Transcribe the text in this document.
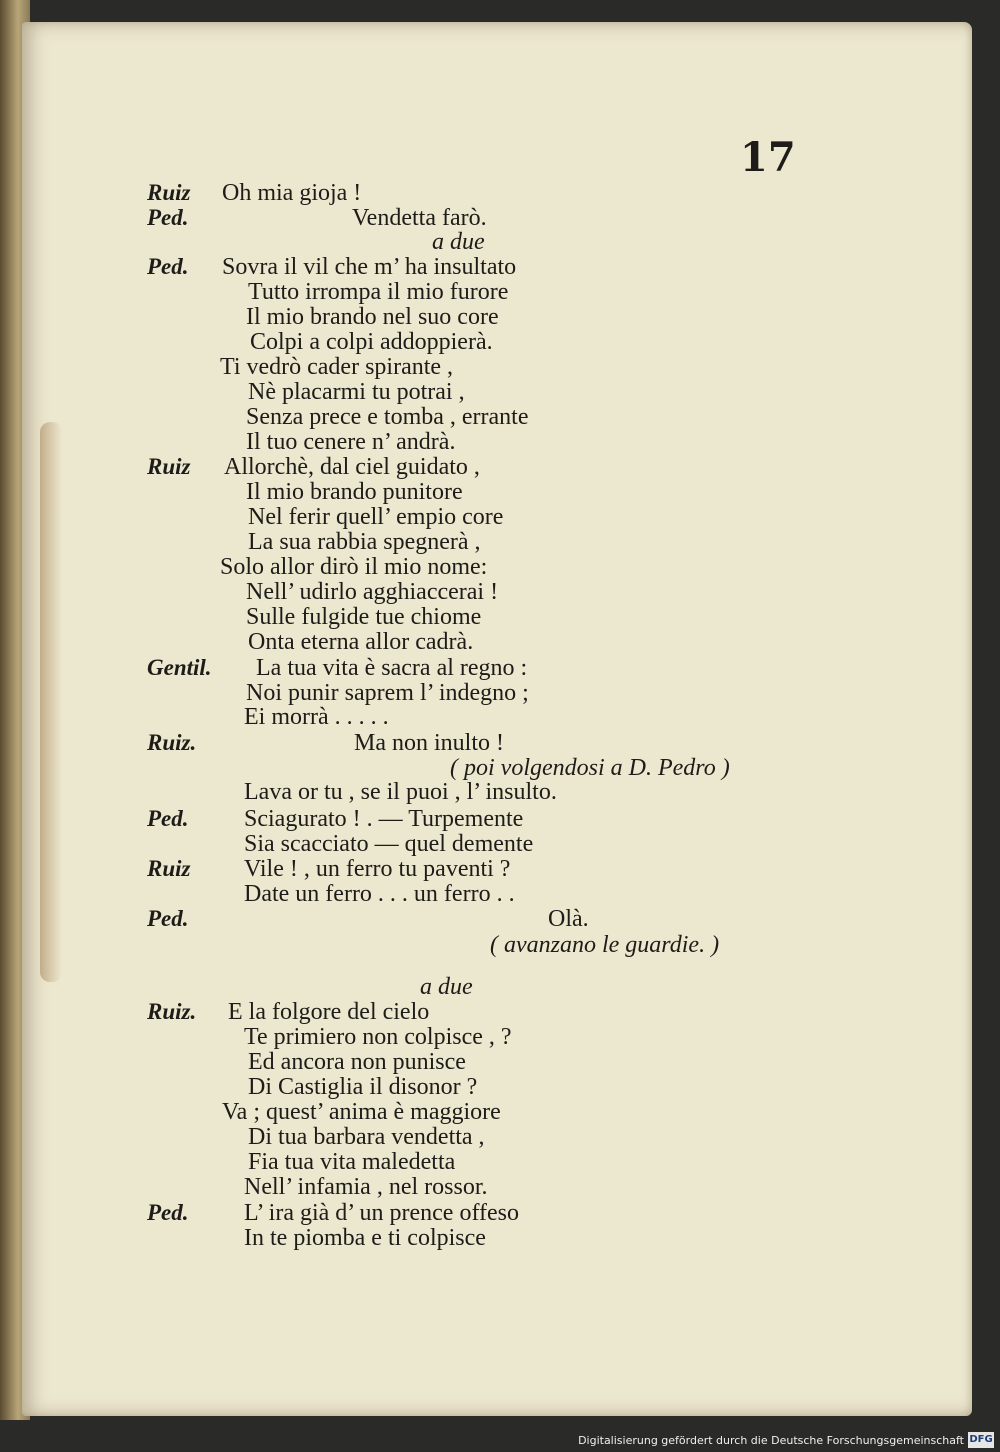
17
Ruiz Oh mia gioja !
Ped.	Vendetta farò.
a due
Ped. Sovra il vil che m’ ha insultato
Tutto irrompa il mio furore
Il mio brando nel suo core
Colpi a colpi addoppierà.
Ti vedrò cader spirante ,
Nè placarmi tu potrai ,
Senza prece e tomba , errante
Il tuo cenere n’ andrà.
Ruiz Allorchè, dal ciel guidato ,
Il mio brando punitore
Nel ferir quell’ empio core
La sua rabbia spegnerà ,
Solo allor dirò il mio nome:
Nell’ udirlo agghiaccerai !
Sulle fulgide tue chiome
Onta eterna allor cadrà.
Gentil. La tua vita è sacra al regno :
Noi punir saprem l’ indegno ;
Ei morrà . . . . .
Ruiz.	Ma non inulto !
( poi volgendosi a D. Pedro )
Lava or tu , se il puoi , l’ insulto.
Ped. Sciagurato ! . — Turpemente
Sia scacciato — quel demente
Ruiz Vile ! , un ferro tu paventi ?
Date un ferro . . . un ferro . .
Ped.	Olà.
( avanzano le guardie. )
a due
Ruiz. E la folgore del cielo
Te primiero non colpisce , ?
Ed ancora non punisce
Di Castiglia il disonor ?
Va ; quest’ anima è maggiore
Di tua barbara vendetta ,
Fia tua vita maledetta
Nell’ infamia , nel rossor.
Ped. L’ ira già d’ un prence offeso
In te piomba e ti colpisce
Digitalisierung gefördert durch die Deutsche Forschungsgemeinschaft DFG
